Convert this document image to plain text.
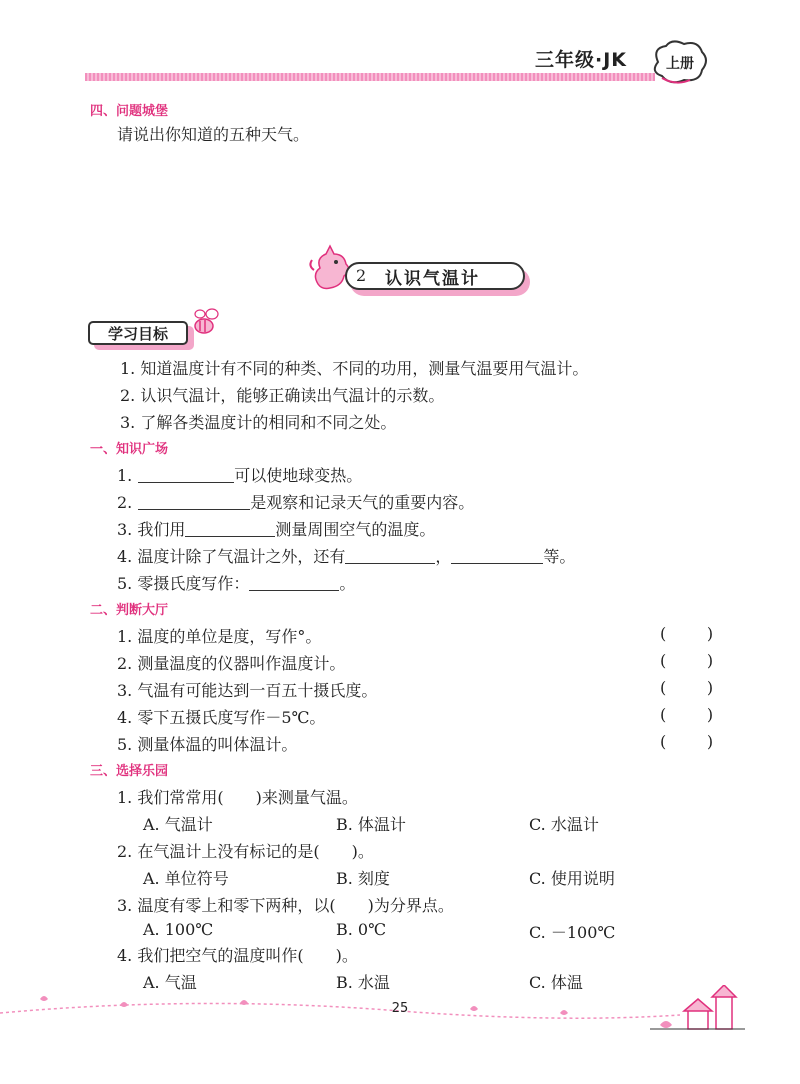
三年级·JK	上册
四、问题城堡
请说出你知道的五种天气。
2 认识气温计
学习目标
1. 知道温度计有不同的种类、不同的功用，测量气温要用气温计。
2. 认识气温计，能够正确读出气温计的示数。
3. 了解各类温度计的相同和不同之处。
一、知识广场
1.	可以使地球变热。
2.	是观察和记录天气的重要内容。
3. 我们用	测量周围空气的温度。
4. 温度计除了气温计之外，还有	，	等。
5. 零摄氏度写作：	。
二、判断大厅
1. 温度的单位是度，写作°。	(        )
2. 测量温度的仪器叫作温度计。	(        )
3. 气温有可能达到一百五十摄氏度。	(        )
4. 零下五摄氏度写作－5℃。	(        )
5. 测量体温的叫体温计。	(        )
三、选择乐园
1. 我们常常用(　　)来测量气温。
A. 气温计	B. 体温计	C. 水温计
2. 在气温计上没有标记的是(　　)。
A. 单位符号	B. 刻度	C. 使用说明
3. 温度有零上和零下两种，以(　　)为分界点。
A. 100℃	B. 0℃	C. －100℃
4. 我们把空气的温度叫作(　　)。
A. 气温	B. 水温	C. 体温
25
